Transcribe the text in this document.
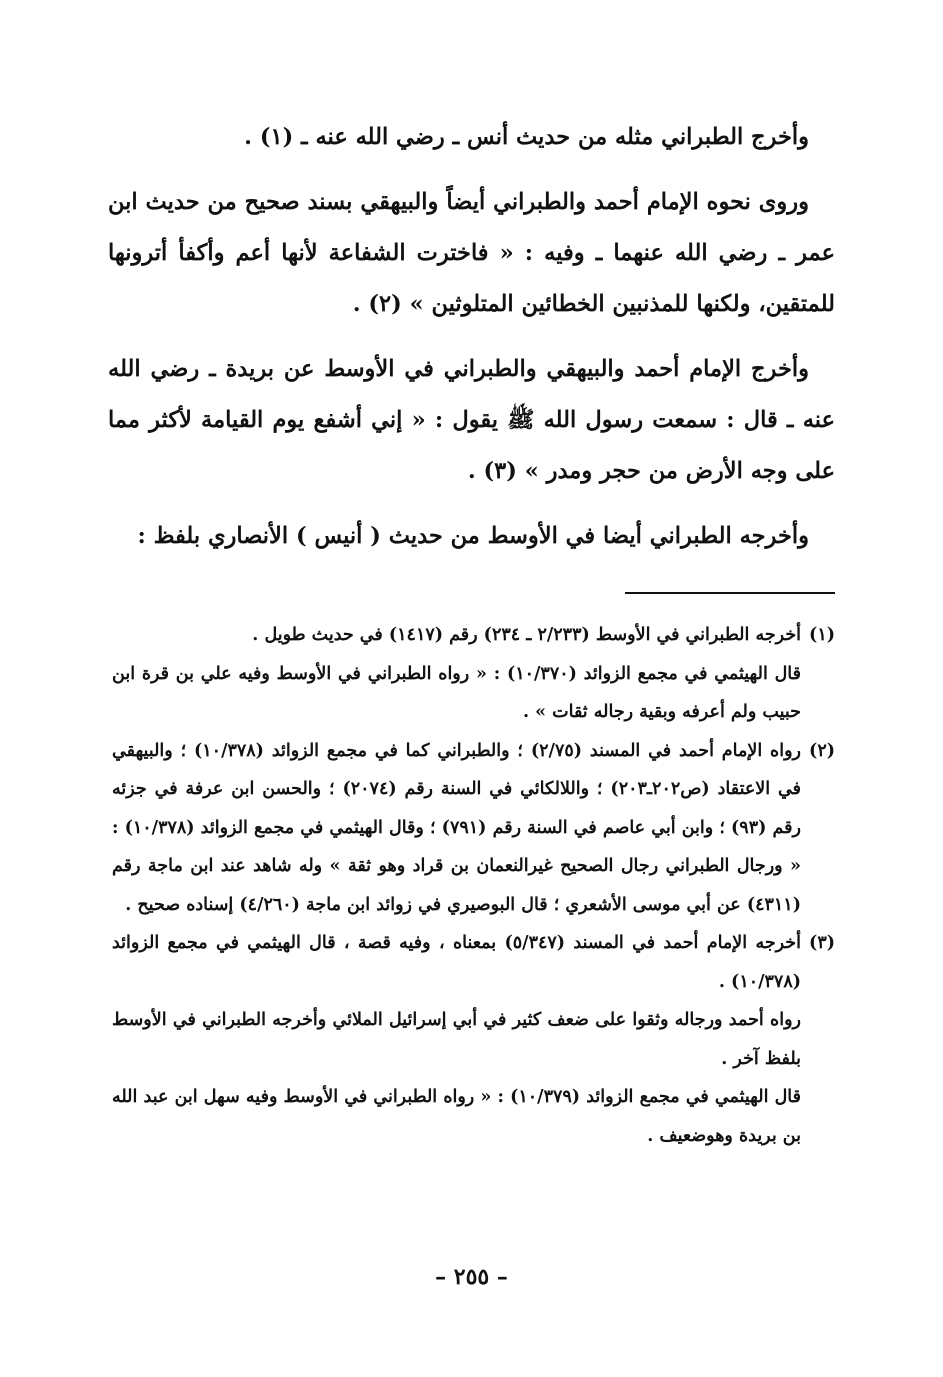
وأخرج الطبراني مثله من حديث أنس ـ رضي الله عنه ـ (١) .

وروى نحوه الإمام أحمد والطبراني أيضاً والبيهقي بسند صحيح من حديث ابن عمر ـ رضي الله عنهما ـ وفيه : « فاخترت الشفاعة لأنها أعم وأكفأ أترونها للمتقين، ولكنها للمذنبين الخطائين المتلوثين » (٢) .

وأخرج الإمام أحمد والبيهقي والطبراني في الأوسط عن بريدة ـ رضي الله عنه ـ قال : سمعت رسول الله ﷺ يقول : « إني أشفع يوم القيامة لأكثر مما على وجه الأرض من حجر ومدر » (٣) .

وأخرجه الطبراني أيضا في الأوسط من حديث ( أنيس ) الأنصاري بلفظ :

(١)

أخرجه الطبراني في الأوسط (٢/٢٣٣ ـ ٢٣٤) رقم (١٤١٧) في حديث طويل .

قال الهيثمي في مجمع الزوائد (١٠/٣٧٠) : « رواه الطبراني في الأوسط وفيه علي بن قرة ابن حبيب ولم أعرفه وبقية رجاله ثقات » .

(٢)

رواه الإمام أحمد في المسند (٢/٧٥) ؛ والطبراني كما في مجمع الزوائد (١٠/٣٧٨) ؛ والبيهقي في الاعتقاد (ص٢٠٢ـ٢٠٣) ؛ واللالكائي في السنة رقم (٢٠٧٤) ؛ والحسن ابن عرفة في جزئه رقم (٩٣) ؛ وابن أبي عاصم في السنة رقم (٧٩١) ؛ وقال الهيثمي في مجمع الزوائد (١٠/٣٧٨) : « ورجال الطبراني رجال الصحيح غيرالنعمان بن قراد وهو ثقة » وله شاهد عند ابن ماجة رقم (٤٣١١) عن أبي موسى الأشعري ؛ قال البوصيري في زوائد ابن ماجة (٤/٢٦٠) إسناده صحيح .

(٣)

أخرجه الإمام أحمد في المسند (٥/٣٤٧) بمعناه ، وفيه قصة ، قال الهيثمي في مجمع الزوائد (١٠/٣٧٨) .

رواه أحمد ورجاله وثقوا على ضعف كثير في أبي إسرائيل الملائي وأخرجه الطبراني في الأوسط بلفظ آخر .

قال الهيثمي في مجمع الزوائد (١٠/٣٧٩) : « رواه الطبراني في الأوسط وفيه سهل ابن عبد الله بن بريدة وهوضعيف .

– ٢٥٥ –
